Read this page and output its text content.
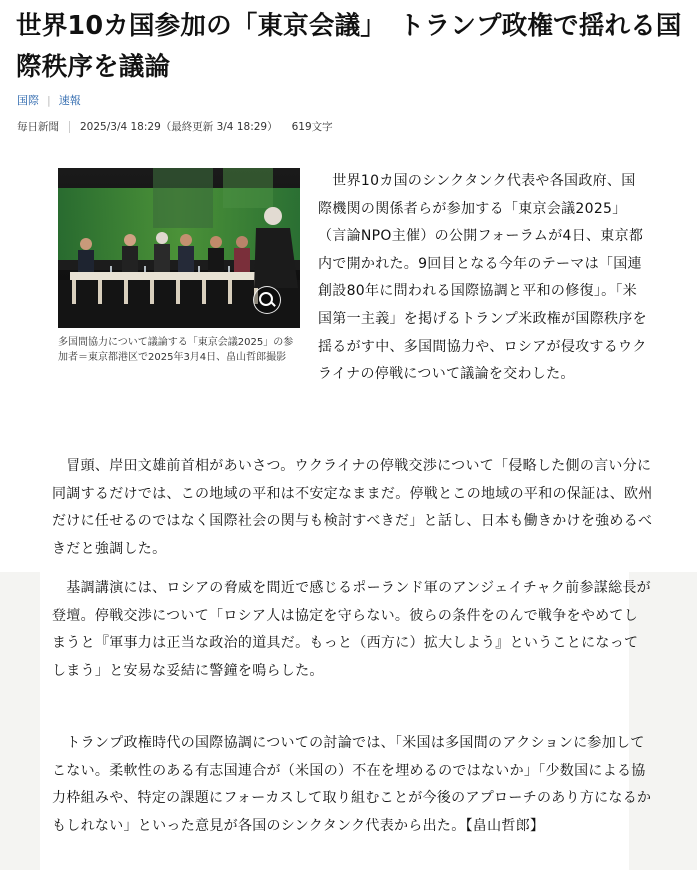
世界10カ国参加の「東京会議」　トランプ政権で揺れる国際秩序を議論
国際 | 速報
毎日新聞 2025/3/4 18:29（最終更新 3/4 18:29） 619文字

多国間協力について議論する「東京会議2025」の参加者＝東京都港区で2025年3月4日、畠山哲郎撮影

　世界10カ国のシンクタンク代表や各国政府、国際機関の関係者らが参加する「東京会議2025」（言論NPO主催）の公開フォーラムが4日、東京都内で開かれた。9回目となる今年のテーマは「国連創設80年に問われる国際協調と平和の修復」。「米国第一主義」を掲げるトランプ米政権が国際秩序を揺るがす中、多国間協力や、ロシアが侵攻するウクライナの停戦について議論を交わした。

　冒頭、岸田文雄前首相があいさつ。ウクライナの停戦交渉について「侵略した側の言い分に同調するだけでは、この地域の平和は不安定なままだ。停戦とこの地域の平和の保証は、欧州だけに任せるのではなく国際社会の関与も検討すべきだ」と話し、日本も働きかけを強めるべきだと強調した。

　基調講演には、ロシアの脅威を間近で感じるポーランド軍のアンジェイチャク前参謀総長が登壇。停戦交渉について「ロシア人は協定を守らない。彼らの条件をのんで戦争をやめてしまうと『軍事力は正当な政治的道具だ。もっと（西方に）拡大しよう』ということになってしまう」と安易な妥結に警鐘を鳴らした。

　トランプ政権時代の国際協調についての討論では、「米国は多国間のアクションに参加してこない。柔軟性のある有志国連合が（米国の）不在を埋めるのではないか」「少数国による協力枠組みや、特定の課題にフォーカスして取り組むことが今後のアプローチのあり方になるかもしれない」といった意見が各国のシンクタンク代表から出た。【畠山哲郎】
